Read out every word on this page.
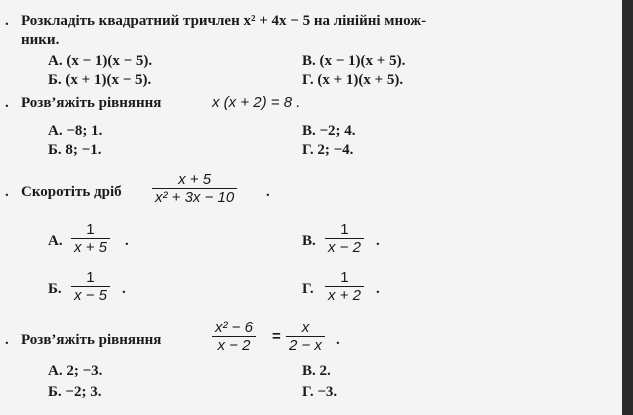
. Розкладіть квадратний тричлен x² + 4x − 5 на лінійні множ-
ники.
А. (x − 1)(x − 5).
Б. (x + 1)(x − 5).
В. (x − 1)(x + 5).
Г. (x + 1)(x + 5).
. Розв’яжіть рівняння	x (x + 2) = 8 .
А. −8; 1.
Б. 8; −1.
В. −2; 4.
Г. 2; −4.
. Скоротіть дріб $\frac{x + 5}{\text{x² + 3x − 10}}$ .
А. $\frac{1}{x + 5}$ .
Б. $\frac{1}{x - 5}$ .
В. $\frac{1}{x - 2}$ .
Г. $\frac{1}{x + 2}$ .
. Розв’яжіть рівняння	$\frac{\text{x² − 6}}{x - 2} = \frac{x}{2 - x}$ .
А. 2; −3.
Б. −2; 3.
В. 2.
Г. −3.
